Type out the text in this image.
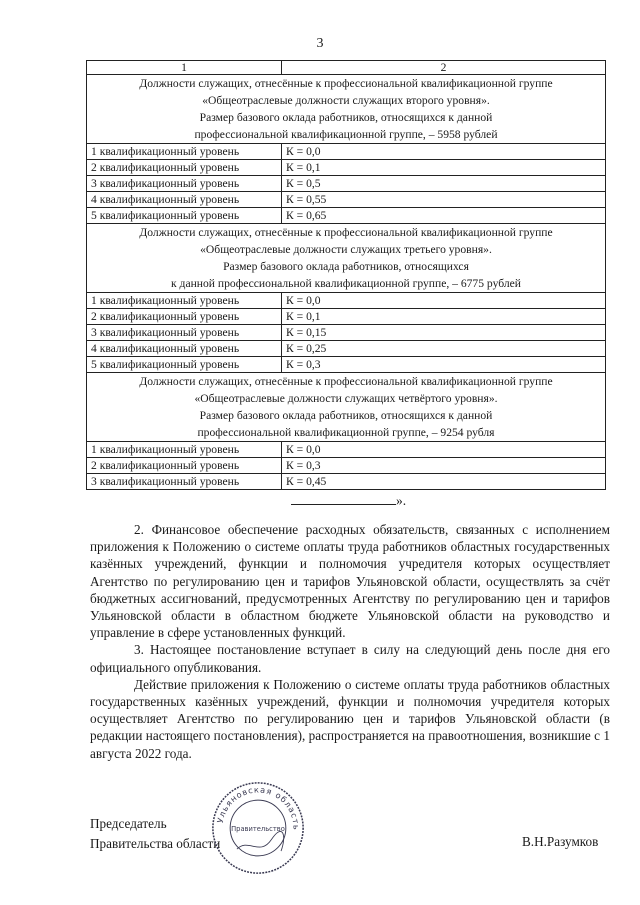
3
1	2

Должности служащих, отнесённые к профессиональной квалификационной группе
«Общеотраслевые должности служащих второго уровня».
Размер базового оклада работников, относящихся к данной
профессиональной квалификационной группе, – 5958 рублей	

1 квалификационный уровень	К = 0,0
2 квалификационный уровень	К = 0,1
3 квалификационный уровень	К = 0,5
4 квалификационный уровень	К = 0,55
5 квалификационный уровень	К = 0,65

Должности служащих, отнесённые к профессиональной квалификационной группе
«Общеотраслевые должности служащих третьего уровня».
Размер базового оклада работников, относящихся
к данной профессиональной квалификационной группе, – 6775 рублей	

1 квалификационный уровень	К = 0,0
2 квалификационный уровень	К = 0,1
3 квалификационный уровень	К = 0,15
4 квалификационный уровень	К = 0,25
5 квалификационный уровень	К = 0,3

Должности служащих, отнесённые к профессиональной квалификационной группе
«Общеотраслевые должности служащих четвёртого уровня».
Размер базового оклада работников, относящихся к данной
профессиональной квалификационной группе, – 9254 рубля	

1 квалификационный уровень	К = 0,0
2 квалификационный уровень	К = 0,3
3 квалификационный уровень	К = 0,45
».

2. Финансовое обеспечение расходных обязательств, связанных с исполнением приложения к Положению о системе оплаты труда работников областных государственных казённых учреждений, функции и полномочия учредителя которых осуществляет Агентство по регулированию цен и тарифов Ульяновской области, осуществлять за счёт бюджетных ассигнований, предусмотренных Агентству по регулированию цен и тарифов Ульяновской области в областном бюджете Ульяновской области на руководство и управление в сфере установленных функций.

3. Настоящее постановление вступает в силу на следующий день после дня его официального опубликования.

Действие приложения к Положению о системе оплаты труда работников областных государственных казённых учреждений, функции и полномочия учредителя которых осуществляет Агентство по регулированию цен и тарифов Ульяновской области (в редакции настоящего постановления), распространяется на правоотношения, возникшие с 1 августа 2022 года.

Председатель
Правительства области	В.Н.Разумков
Ульяновская область
Правительство
